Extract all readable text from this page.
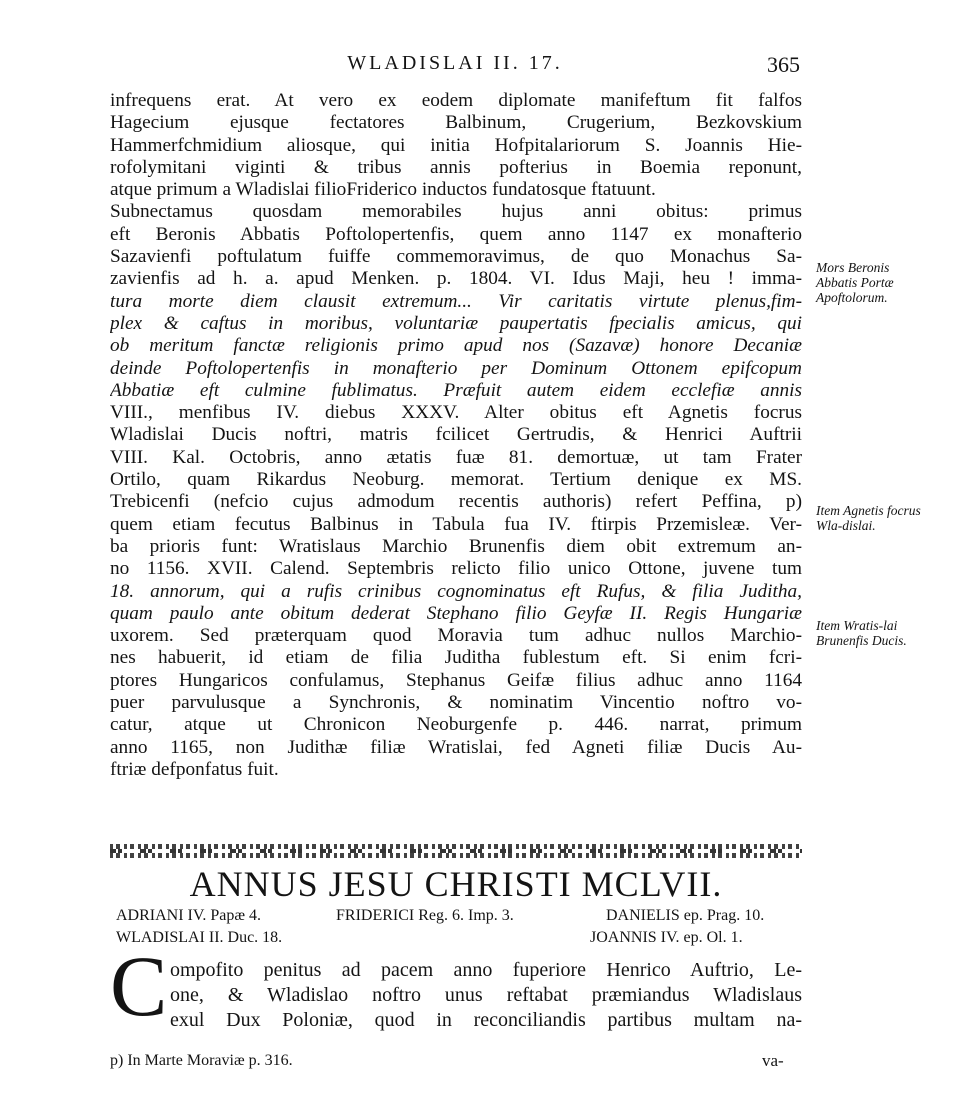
WLADISLAI II. 17.	365
infrequens erat. At vero ex eodem diplomate manifeftum fit falfos
Hagecium ejusque fectatores Balbinum, Crugerium, Bezkovskium
Hammerfchmidium aliosque, qui initia Hofpitalariorum S. Joannis Hie-
rofolymitani viginti & tribus annis pofterius in Boemia reponunt,
atque primum a Wladislai filioFriderico inductos fundatosque ftatuunt.
Subnectamus quosdam memorabiles hujus anni obitus: primus
eft Beronis Abbatis Poftolopertenfis, quem anno 1147 ex monafterio
Sazavienfi poftulatum fuiffe commemoravimus, de quo Monachus Sa-
zavienfis ad h. a. apud Menken. p. 1804. VI. Idus Maji, heu ! imma-
tura morte diem clausit extremum... Vir caritatis virtute plenus,fim-
plex & caftus in moribus, voluntariæ paupertatis fpecialis amicus, qui
ob meritum fanctæ religionis primo apud nos (Sazavæ) honore Decaniæ
deinde Poftolopertenfis in monafterio per Dominum Ottonem epifcopum
Abbatiæ eft culmine fublimatus. Præfuit autem eidem ecclefiæ annis
VIII., menfibus IV. diebus XXXV. Alter obitus eft Agnetis focrus
Wladislai Ducis noftri, matris fcilicet Gertrudis, & Henrici Auftrii
VIII. Kal. Octobris, anno ætatis fuæ 81. demortuæ, ut tam Frater
Ortilo, quam Rikardus Neoburg. memorat. Tertium denique ex MS.
Trebicenfi (nefcio cujus admodum recentis authoris) refert Peffina, p)
quem etiam fecutus Balbinus in Tabula fua IV. ftirpis Przemisleæ. Ver-
ba prioris funt: Wratislaus Marchio Brunenfis diem obit extremum an-
no 1156. XVII. Calend. Septembris relicto filio unico Ottone, juvene tum
18. annorum, qui a rufis crinibus cognominatus eft Rufus, & filia Juditha,
quam paulo ante obitum dederat Stephano filio Geyfæ II. Regis Hungariæ
uxorem. Sed præterquam quod Moravia tum adhuc nullos Marchio-
nes habuerit, id etiam de filia Juditha fublestum eft. Si enim fcri-
ptores Hungaricos confulamus, Stephanus Geifæ filius adhuc anno 1164
puer parvulusque a Synchronis, & nominatim Vincentio noftro vo-
catur, atque ut Chronicon Neoburgenfe p. 446. narrat, primum
anno 1165, non Judithæ filiæ Wratislai, fed Agneti filiæ Ducis Au-
ftriæ defponfatus fuit.
Mors Beronis Abbatis Portæ Apoftolorum.
Item Agnetis focrus Wla-dislai.
Item Wratis-lai Brunenfis Ducis.
ANNUS JESU CHRISTI MCLVII.
ADRIANI IV. Papæ 4.	FRIDERICI Reg. 6. Imp. 3.	DANIELIS ep. Prag. 10.
WLADISLAI II. Duc. 18.	JOANNIS IV. ep. Ol. 1.
C ompofito penitus ad pacem anno fuperiore Henrico Auftrio, Le-
one, & Wladislao noftro unus reftabat præmiandus Wladislaus
exul Dux Poloniæ, quod in reconciliandis partibus multam na-
p) In Marte Moraviæ p. 316.	va-
